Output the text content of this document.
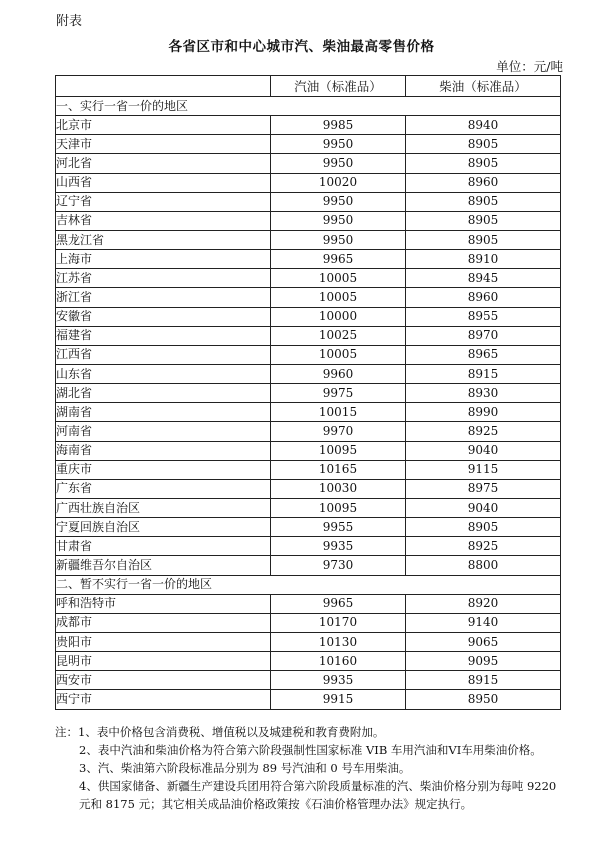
附表
各省区市和中心城市汽、柴油最高零售价格
单位：元/吨
	汽油（标准品）	柴油（标准品）
一、实行一省一价的地区		
北京市	9985	8940
天津市	9950	8905
河北省	9950	8905
山西省	10020	8960
辽宁省	9950	8905
吉林省	9950	8905
黑龙江省	9950	8905
上海市	9965	8910
江苏省	10005	8945
浙江省	10005	8960
安徽省	10000	8955
福建省	10025	8970
江西省	10005	8965
山东省	9960	8915
湖北省	9975	8930
湖南省	10015	8990
河南省	9970	8925
海南省	10095	9040
重庆市	10165	9115
广东省	10030	8975
广西壮族自治区	10095	9040
宁夏回族自治区	9955	8905
甘肃省	9935	8925
新疆维吾尔自治区	9730	8800
二、暂不实行一省一价的地区		
呼和浩特市	9965	8920
成都市	10170	9140
贵阳市	10130	9065
昆明市	10160	9095
西安市	9935	8915
西宁市	9915	8950

注：1、表中价格包含消费税、增值税以及城建税和教育费附加。

2、表中汽油和柴油价格为符合第六阶段强制性国家标准 VIB 车用汽油和VI车用柴油价格。

3、汽、柴油第六阶段标准品分别为 89 号汽油和 0 号车用柴油。

4、供国家储备、新疆生产建设兵团用符合第六阶段质量标准的汽、柴油价格分别为每吨 9220 元和 8175 元；其它相关成品油价格政策按《石油价格管理办法》规定执行。
